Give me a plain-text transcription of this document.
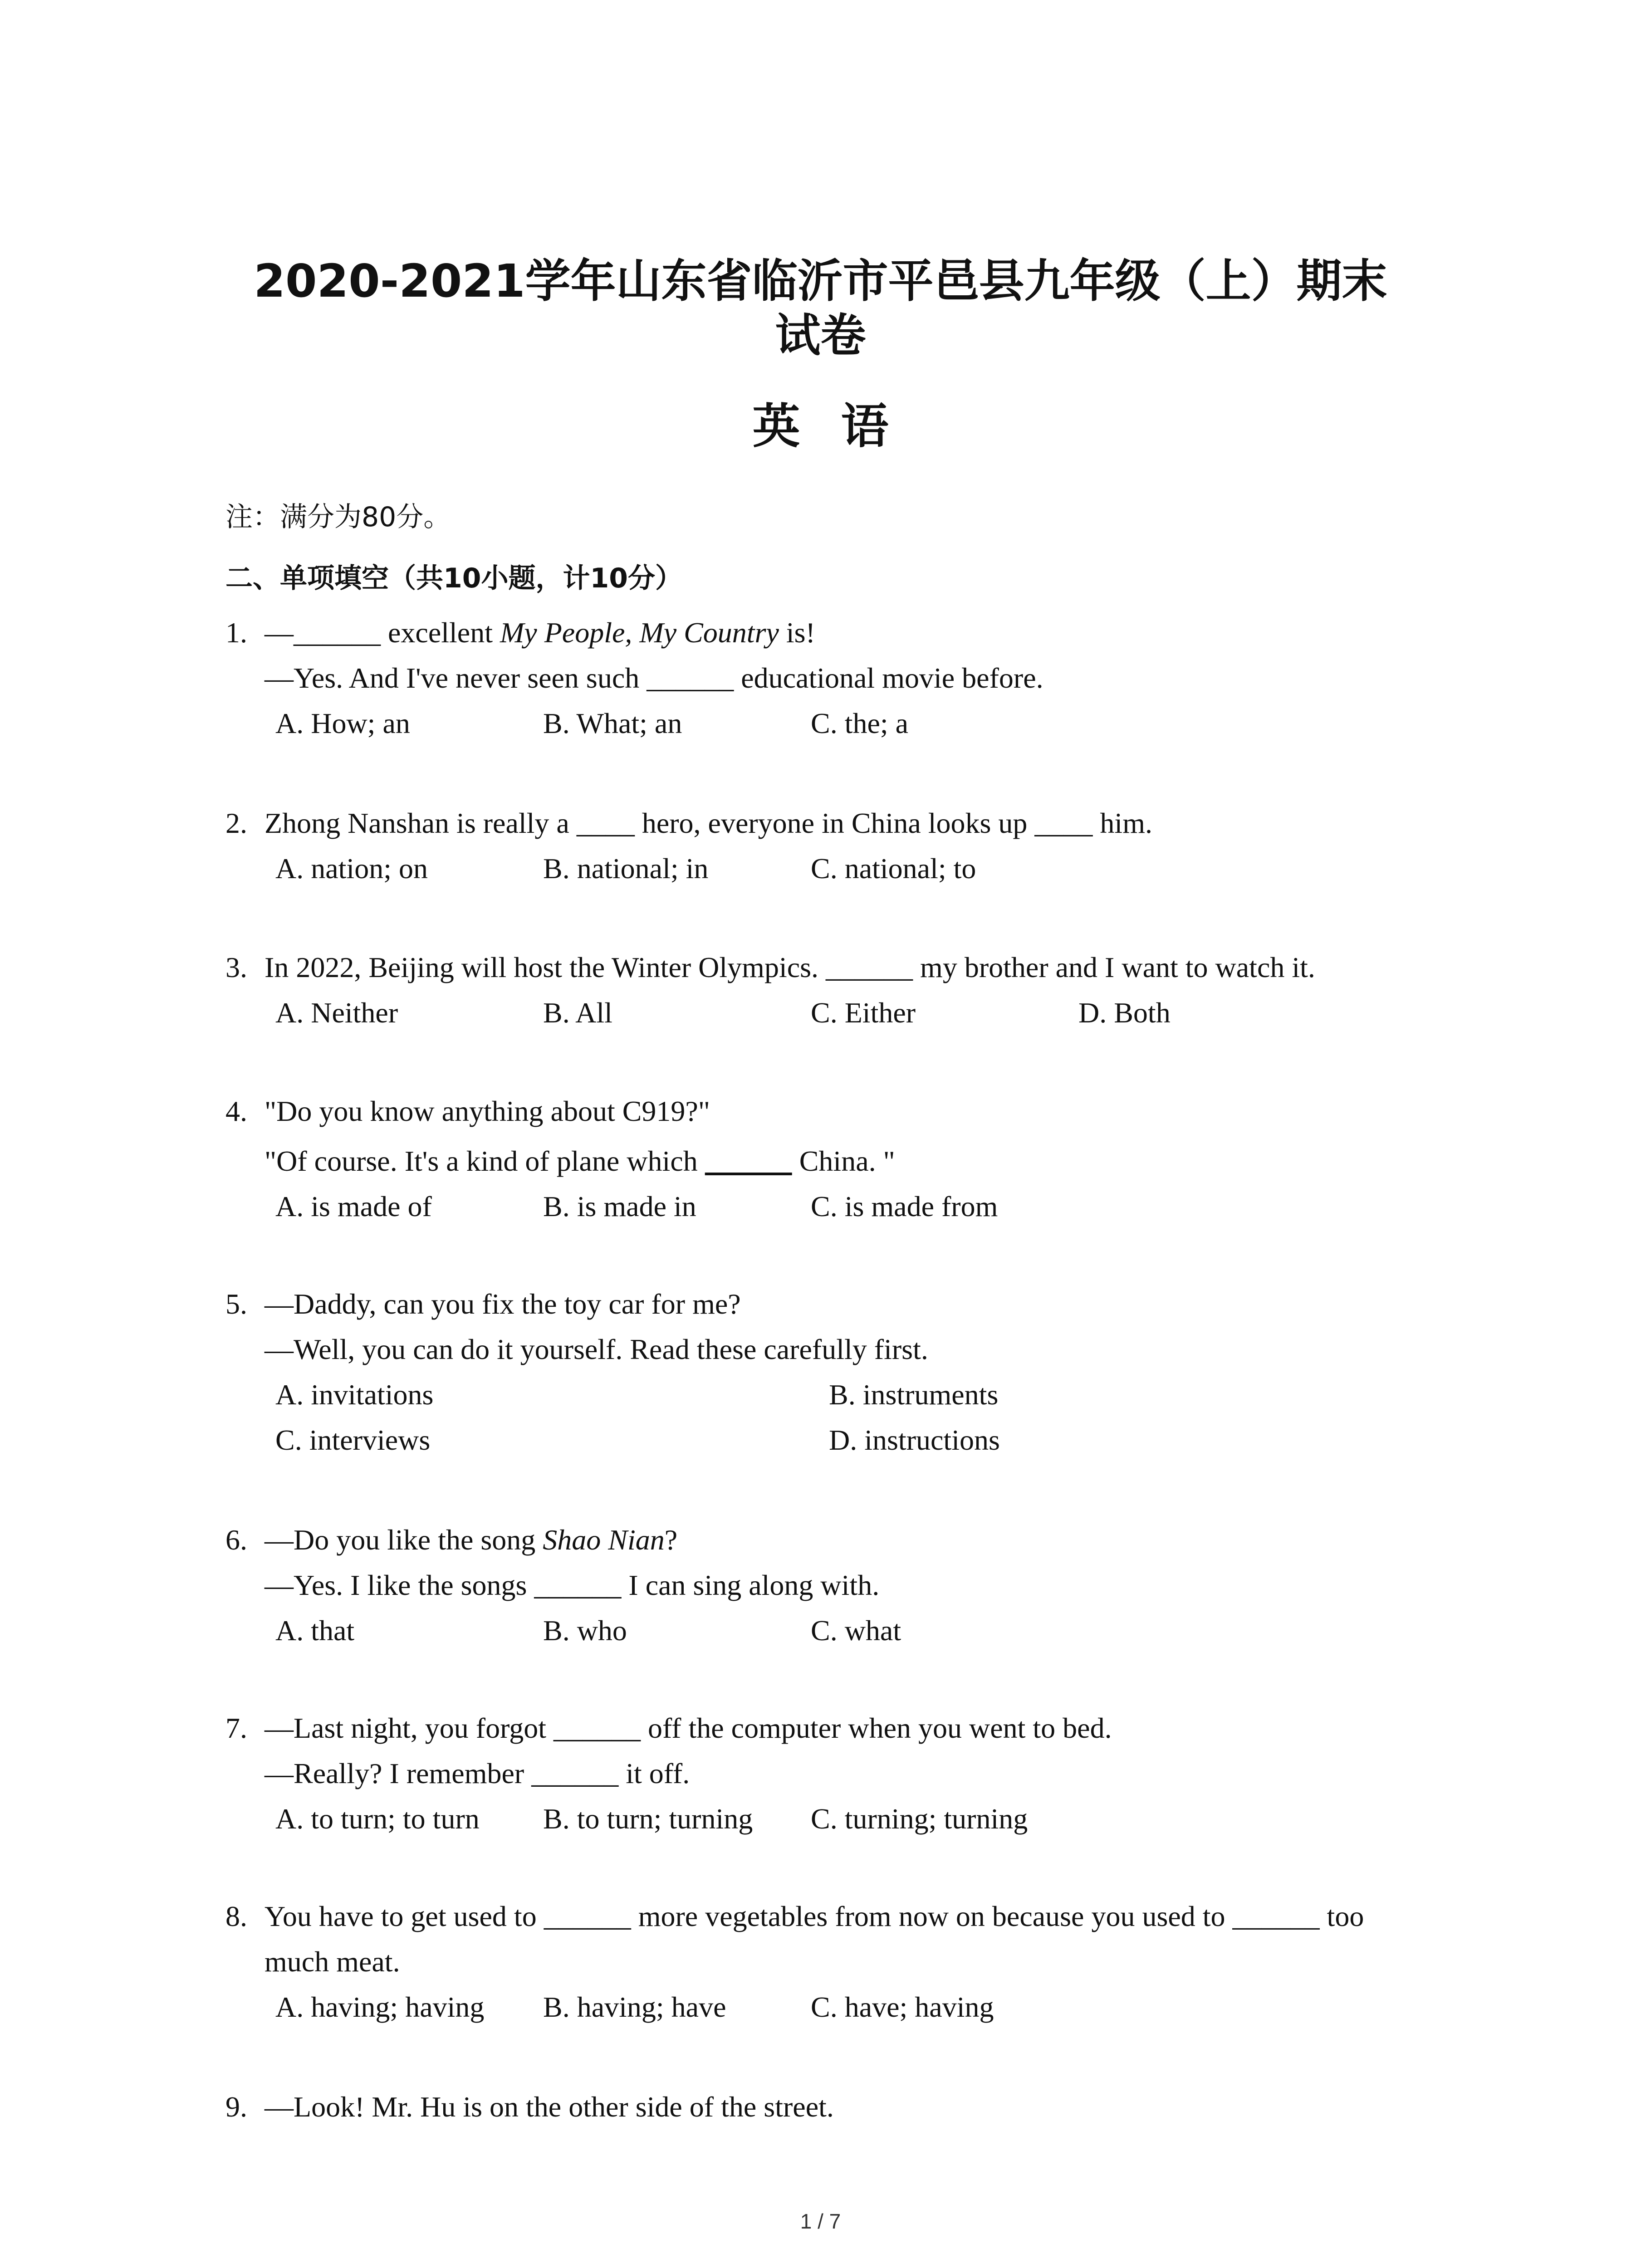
2020-2021学年山东省临沂市平邑县九年级（上）期末
试卷
英语
注：满分为80分。
二、单项填空（共10小题，计10分）
1. —______ excellent My People, My Country is!
—Yes. And I've never seen such ______ educational movie before.
A. How; an	B. What; an	C. the; a
2. Zhong Nanshan is really a ____ hero, everyone in China looks up ____ him.
A. nation; on	B. national; in	C. national; to
3. In 2022, Beijing will host the Winter Olympics. ______ my brother and I want to watch it.
A. Neither	B. All	C. Either	D. Both
4. "Do you know anything about C919?"
"Of course. It's a kind of plane which	China. "
A. is made of	B. is made in	C. is made from
5. —Daddy, can you fix the toy car for me?
—Well, you can do it yourself. Read these carefully first.
A. invitations	B. instruments
C. interviews	D. instructions
6. —Do you like the song Shao Nian?
—Yes. I like the songs ______ I can sing along with.
A. that	B. who	C. what
7. —Last night, you forgot ______ off the computer when you went to bed.
—Really? I remember ______ it off.
A. to turn; to turn B. to turn; turning C. turning; turning
8. You have to get used to ______ more vegetables from now on because you used to ______ too
much meat.
A. having; having B. having; have	C. have; having
9. —Look! Mr. Hu is on the other side of the street.
1 / 7
